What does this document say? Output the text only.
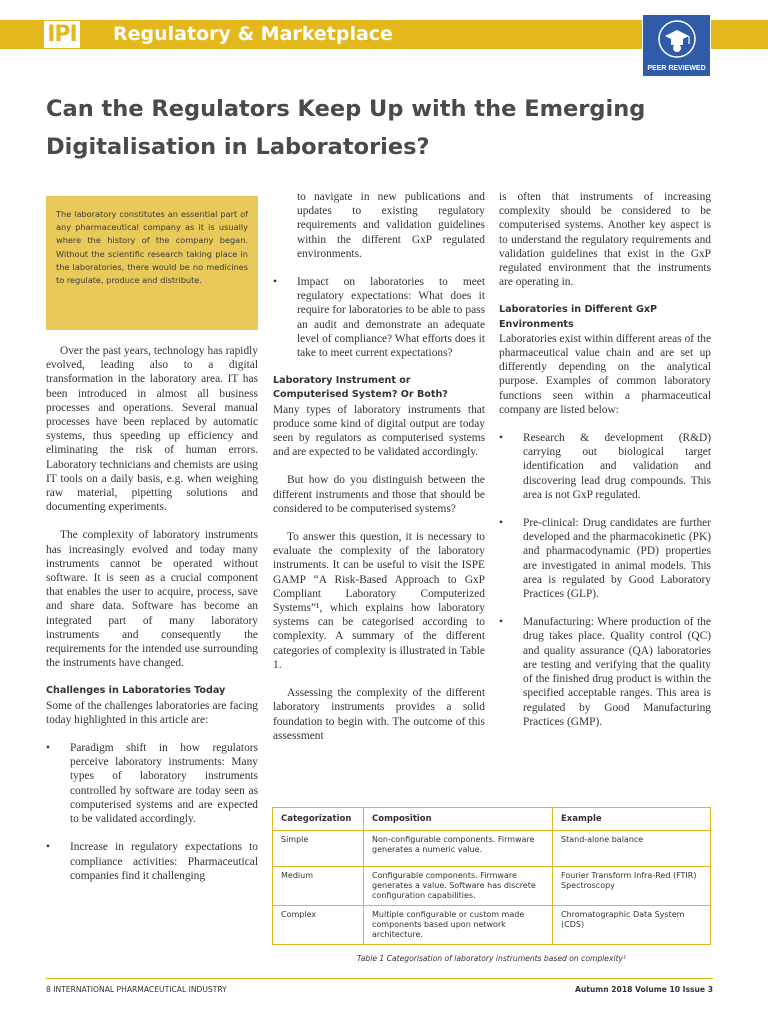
IPI Regulatory & Marketplace
PEER REVIEWED
Can the Regulators Keep Up with the Emerging Digitalisation in Laboratories?
The laboratory constitutes an essential part of any pharmaceutical company as it is usually where the history of the company began. Without the scientific research taking place in the laboratories, there would be no medicines to regulate, produce and distribute.

Over the past years, technology has rapidly evolved, leading also to a digital transformation in the laboratory area. IT has been introduced in almost all business processes and operations. Several manual processes have been replaced by automatic systems, thus speeding up efficiency and eliminating the risk of human errors. Laboratory technicians and chemists are using IT tools on a daily basis, e.g. when weighing raw material, pipetting solutions and documenting experiments.

The complexity of laboratory instruments has increasingly evolved and today many instruments cannot be operated without software. It is seen as a crucial component that enables the user to acquire, process, save and share data. Software has become an integrated part of many laboratory instruments and consequently the requirements for the intended use surrounding the instruments have changed.

Challenges in Laboratories Today

Some of the challenges laboratories are facing today highlighted in this article are:

• Paradigm shift in how regulators perceive laboratory instruments: Many types of laboratory instruments controlled by software are today seen as computerised systems and are expected to be validated accordingly.
• Increase in regulatory expectations to compliance activities: Pharmaceutical companies find it challenging

to navigate in new publications and updates to existing regulatory requirements and validation guidelines within the different GxP regulated environments.

• Impact on laboratories to meet regulatory expectations: What does it require for laboratories to be able to pass an audit and demonstrate an adequate level of compliance? What efforts does it take to meet current expectations?
Laboratory Instrument or Computerised System? Or Both?

Many types of laboratory instruments that produce some kind of digital output are today seen by regulators as computerised systems and are expected to be validated accordingly.

But how do you distinguish between the different instruments and those that should be considered to be computerised systems?

To answer this question, it is necessary to evaluate the complexity of the laboratory instruments. It can be useful to visit the ISPE GAMP “A Risk-Based Approach to GxP Compliant Laboratory Computerized Systems”¹, which explains how laboratory systems can be categorised according to complexity. A summary of the different categories of complexity is illustrated in Table 1.

Assessing the complexity of the different laboratory instruments provides a solid foundation to begin with. The outcome of this assessment

is often that instruments of increasing complexity should be considered to be computerised systems. Another key aspect is to understand the regulatory requirements and validation guidelines that exist in the GxP regulated environment that the instruments are operating in.

Laboratories in Different GxP Environments

Laboratories exist within different areas of the pharmaceutical value chain and are set up differently depending on the analytical purpose. Examples of common laboratory functions seen within a pharmaceutical company are listed below:

• Research & development (R&D) carrying out biological target identification and validation and discovering lead drug compounds. This area is not GxP regulated.
• Pre-clinical: Drug candidates are further developed and the pharmacokinetic (PK) and pharmacodynamic (PD) properties are investigated in animal models. This area is regulated by Good Laboratory Practices (GLP).
• Manufacturing: Where production of the drug takes place. Quality control (QC) and quality assurance (QA) laboratories are testing and verifying that the quality of the finished drug product is within the specified acceptable ranges. This area is regulated by Good Manufacturing Practices (GMP).
Categorization	Composition	Example
Simple	Non-configurable components. Firmware generates a numeric value.	Stand-alone balance
Medium	Configurable components. Firmware generates a value. Software has discrete configuration capabilities.	Fourier Transform Infra-Red (FTIR) Spectroscopy
Complex	Multiple configurable or custom made components based upon network architecture.	Chromatographic Data System (CDS)
Table 1 Categorisation of laboratory instruments based on complexity¹
8 INTERNATIONAL PHARMACEUTICAL INDUSTRY	Autumn 2018 Volume 10 Issue 3
